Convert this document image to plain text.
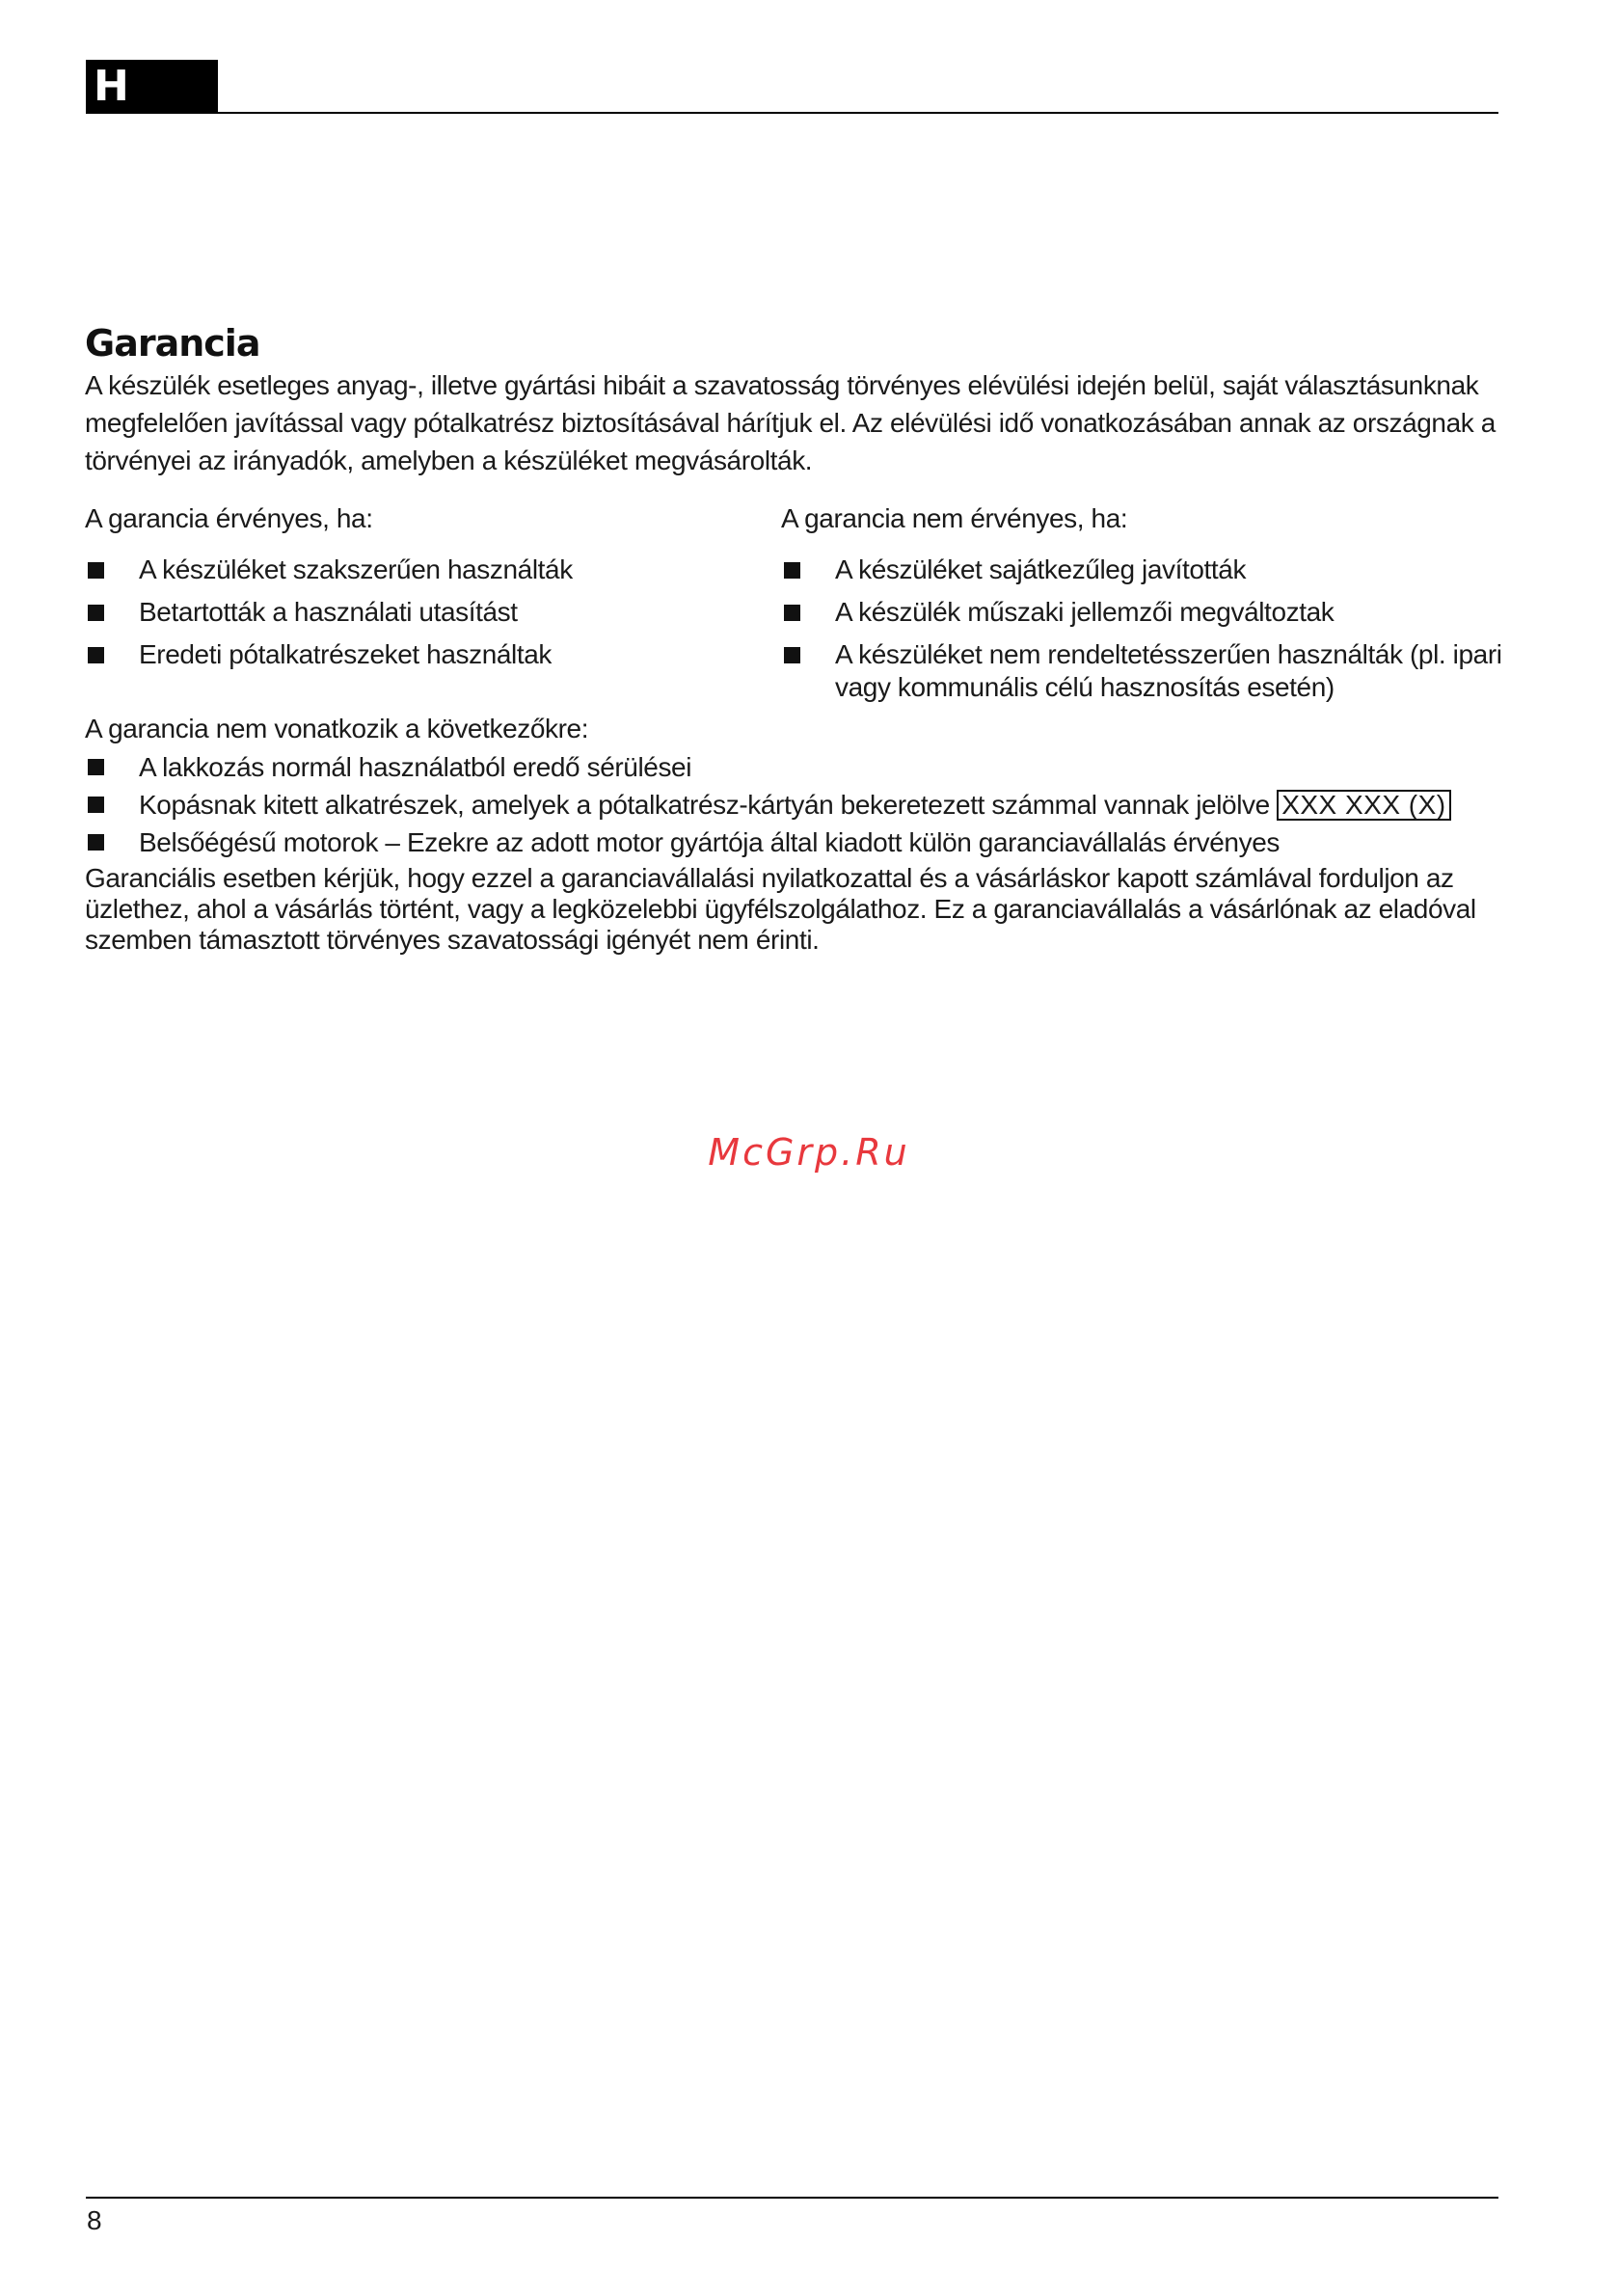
H
Garancia

A készülék esetleges anyag-, illetve gyártási hibáit a szavatosság törvényes elévülési idején belül, saját választásunknak megfelelően javítással vagy pótalkatrész biztosításával hárítjuk el. Az elévülési idő vonatkozásában annak az országnak a törvényei az irányadók, amelyben a készüléket megvásárolták.

A garancia érvényes, ha:

A készüléket szakszerűen használták
Betartották a használati utasítást
Eredeti pótalkatrészeket használtak

A garancia nem érvényes, ha:

A készüléket sajátkezűleg javították
A készülék műszaki jellemzői megváltoztak
A készüléket nem rendeltetésszerűen használták (pl. ipari vagy kommunális célú hasznosítás esetén)

A garancia nem vonatkozik a következőkre:

A lakkozás normál használatból eredő sérülései
Kopásnak kitett alkatrészek, amelyek a pótalkatrész-kártyán bekeretezett számmal vannak jelölve XXX XXX (X)
Belsőégésű motorok – Ezekre az adott motor gyártója által kiadott külön garanciavállalás érvényes

Garanciális esetben kérjük, hogy ezzel a garanciavállalási nyilatkozattal és a vásárláskor kapott számlával forduljon az üzlethez, ahol a vásárlás történt, vagy a legközelebbi ügyfélszolgálathoz. Ez a garanciavállalás a vásárlónak az eladóval szemben támasztott törvényes szavatossági igényét nem érinti.

McGrp.Ru
8
